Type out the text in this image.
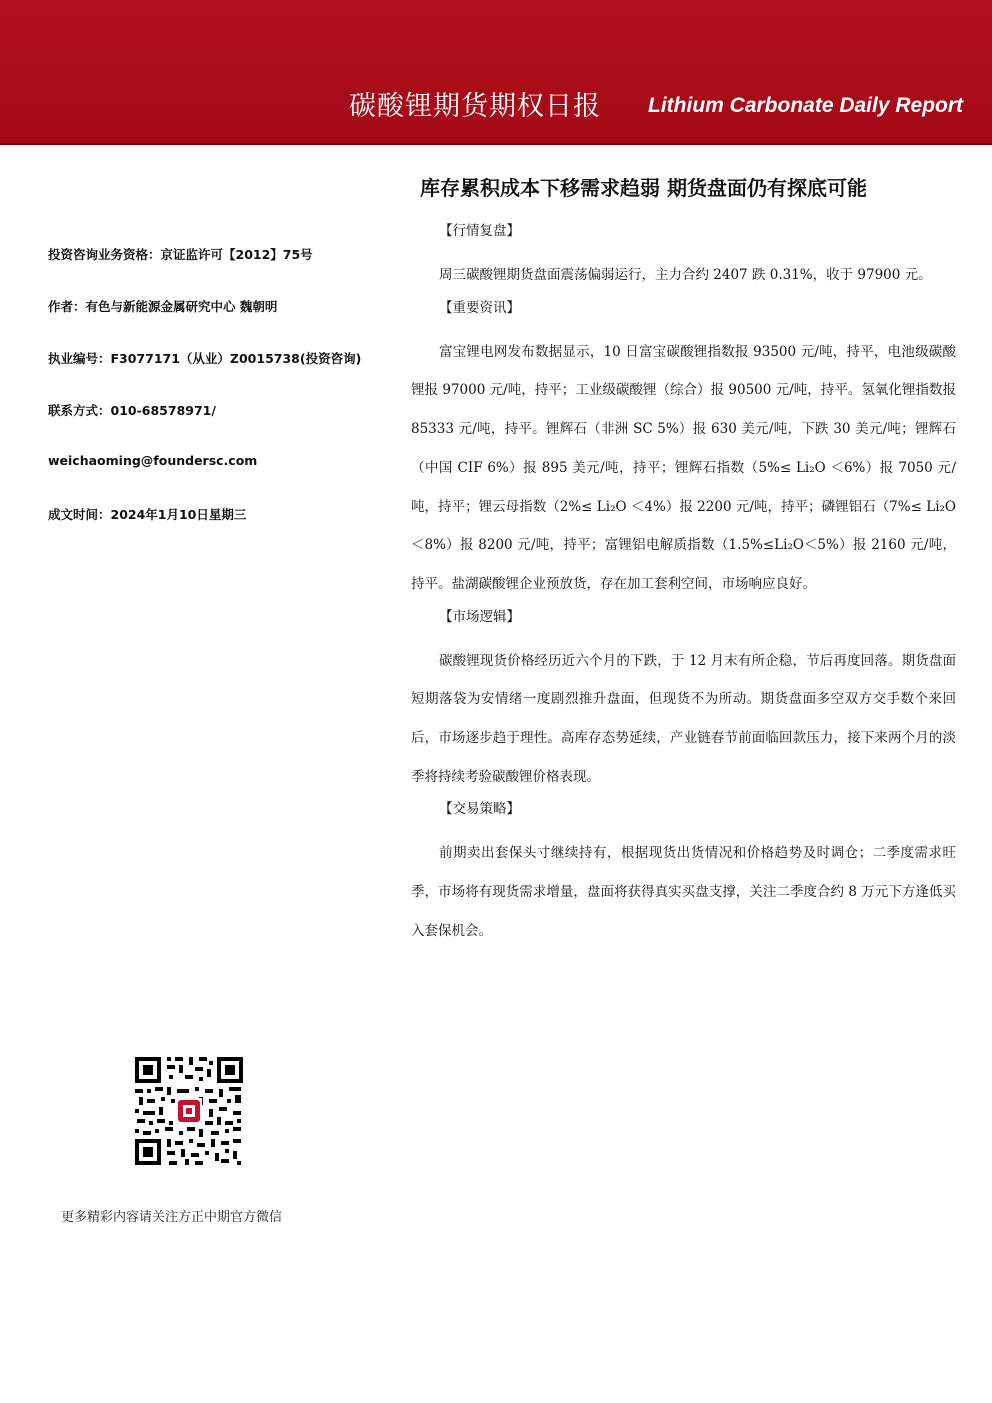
碳酸锂期货期权日报 Lithium Carbonate Daily Report
库存累积成本下移需求趋弱 期货盘面仍有探底可能
投资咨询业务资格：京证监许可【2012】75号
作者：有色与新能源金属研究中心 魏朝明
执业编号：F3077171（从业）Z0015738(投资咨询)
联系方式：010-68578971/
weichaoming@foundersc.com
成文时间：2024年1月10日星期三
【行情复盘】

周三碳酸锂期货盘面震荡偏弱运行，主力合约 2407 跌 0.31%，收于 97900 元。

【重要资讯】

富宝锂电网发布数据显示，10 日富宝碳酸锂指数报 93500 元/吨，持平，电池级碳酸锂报 97000 元/吨，持平；工业级碳酸锂（综合）报 90500 元/吨，持平。氢氧化锂指数报 85333 元/吨，持平。锂辉石（非洲 SC 5%）报 630 美元/吨，下跌 30 美元/吨；锂辉石（中国 CIF 6%）报 895 美元/吨，持平；锂辉石指数（5%≤ Li₂O ＜6%）报 7050 元/吨，持平；锂云母指数（2%≤ Li₂O ＜4%）报 2200 元/吨，持平；磷锂铝石（7%≤ Li₂O ＜8%）报 8200 元/吨，持平；富锂铝电解质指数（1.5%≤Li₂O＜5%）报 2160 元/吨，持平。盐湖碳酸锂企业预放货，存在加工套利空间，市场响应良好。

【市场逻辑】

碳酸锂现货价格经历近六个月的下跌，于 12 月末有所企稳，节后再度回落。期货盘面短期落袋为安情绪一度剧烈推升盘面，但现货不为所动。期货盘面多空双方交手数个来回后，市场逐步趋于理性。高库存态势延续，产业链春节前面临回款压力，接下来两个月的淡季将持续考验碳酸锂价格表现。

【交易策略】

前期卖出套保头寸继续持有，根据现货出货情况和价格趋势及时调仓；二季度需求旺季，市场将有现货需求增量，盘面将获得真实买盘支撑，关注二季度合约 8 万元下方逢低买入套保机会。

更多精彩内容请关注方正中期官方微信
